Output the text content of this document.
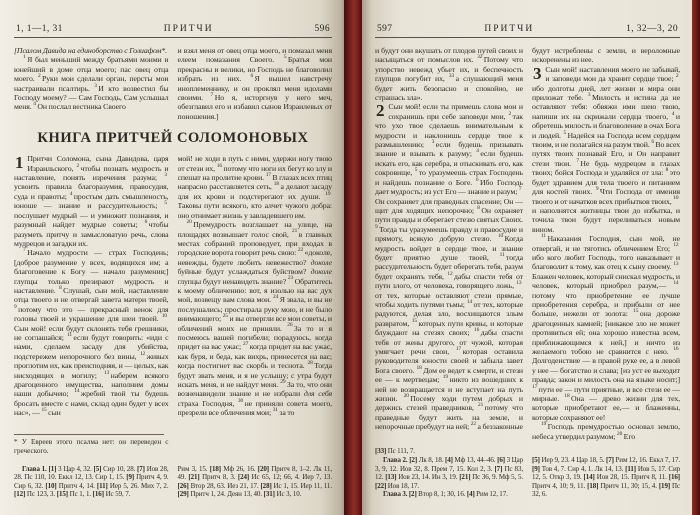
1, 1—1, 31	ПРИТЧИ	596

[Псалом Давида на единоборство с Голиафом*.

$^1$ Я был меньший между братьями моими и юнейший в доме отца моего; пас овец отца моего. $^2$ Руки мои сделали орган, персты мои настраивали псалтирь. $^3$ И кто возвестил бы Господу моему? — Сам Господь, Сам услышал меня. $^4$ Он послал вестника Своего

и взял меня от овец отца моего, и помазал меня елеем помазания Своего. $^5$ Братья мои прекрасны и велики, но Господь не благоволил избрать из них. $^6$ Я вышел навстречу иноплеменнику, и он проклял меня идолами своими. $^7$ Но я, исторгнув у него меч, обезглавил его и избавил сынов Израилевых от поношения.]

КНИГА ПРИТЧЕЙ СОЛОМОНОВЫХ

1 Притчи Соломона, сына Давидова, царя Израильского, $^2$ чтобы познать мудрость и наставление, понять изречения разума; $^3$ усвоить правила благоразумия, правосудия, суда и правоты; $^4$ простым дать смышленость, юноше — знание и рассудительность; $^5$ послушает мудрый — и умножит познания, и разумный найдет мудрые советы; $^6$ чтобы разуметь притчу и замысловатую речь, слова мудрецов и загадки их.

$^7$ Начало мудрости — страх Господень; [доброе разумение у всех, водящихся им; а благоговение к Богу — начало разумения;] глупцы только презирают мудрость и наставление. $^8$ Слушай, сын мой, наставление отца твоего и не отвергай завета матери твоей, $^9$ потому что это — прекрасный венок для головы твоей и украшение для шеи твоей. $^{10}$ Сын мой! если будут склонять тебя грешники, не соглашайся; $^{11}$ если будут говорить: «иди с нами, сделаем засаду для убийства, подстережем непорочного без вины, $^{12}$ живых проглотим их, как преисподняя, и — целых, как нисходящих в могилу; $^{13}$ наберем всякого драгоценного имущества, наполним домы наши добычею; $^{14}$ жребий твой ты будешь бросать вместе с нами, склад один будет у всех нас», — $^{15}$ сын

* У Евреев этого псалма нет: он переведен с греческого.

Глава 1. [1] 3 Цар 4, 32. [5] Сир 10, 28. [7] Иов 28, 28. Пс 110, 10. Еккл 12, 13. Сир 1, 15. [9] Притч 4, 9. Сир 6, 32. [10] Притч 4, 14. [11] Иер 5, 26. Мих 7, 2. [12] Пс 123, 3. [15] Пс 1, 1. [16] Ис 59, 7.

мой! не ходи в путь с ними, удержи ногу твою от стези их, $^{16}$ потому что ноги их бегут ко злу и спешат на пролитие крови. $^{17}$ В глазах всех птиц напрасно расставляется сеть, $^{18}$ а делают засаду для их крови и подстерегают их души. $^{19}$ Таковы пути всякого, кто алчет чужого добра: оно отнимает жизнь у завладевшего им.

$^{20}$ Премудрость возглашает на улице, на площадях возвышает голос свой, $^{21}$ в главных местах собраний проповедует, при входах в городские ворота говорит речь свою: $^{22}$ «доколе, невежды, будете любить невежество? доколе буйные будут услаждаться буйством? доколе глупцы будут ненавидеть знание? $^{23}$ Обратитесь к моему обличению: вот, я изолью на вас дух мой, возвещу вам слова мои. $^{24}$ Я звала, и вы не послушались; простирала руку мою, и не было внимающего; $^{25}$ и вы отвергли все мои советы, и обличений моих не приняли. $^{26}$ За то и я посмеюсь вашей погибели; порадуюсь, когда придет на вас ужас; $^{27}$ когда придет на вас ужас, как буря, и беда, как вихрь, принесется на вас; когда постигнет вас скорбь и теснота. $^{28}$ Тогда будут звать меня, и я не услышу; с утра будут искать меня, и не найдут меня. $^{29}$ За то, что они возненавидели знание и не избрали для себя страха Господня, $^{30}$ не приняли совета моего, презрели все обличения мои; $^{31}$ за то

Рим 3, 15. [18] Мф 26, 16. [20] Притч 8, 1–2. Лк 11, 49. [21] Притч 8, 3. [24] Ис 65, 12; 66, 4. Иер 7, 13. [26] Втор 28, 63. Иез 21, 17. [28] Ис 1, 15. Иер 11, 11. [29] Притч 1, 24. Деян 13, 40. [31] Ис 3, 10.

597	ПРИТЧИ	1, 32—3, 20

и будут они вкушать от плодов путей своих и насыщаться от помыслов их. $^{32}$ Потому что упорство невежд убьет их, и беспечность глупцов погубит их, $^{33}$ а слушающий меня будет жить безопасно и спокойно, не страшась зла».

2 Сын мой! если ты примешь слова мои и сохранишь при себе заповеди мои, $^2$ так что ухо твое сделаешь внимательным к мудрости и наклонишь сердце твое к размышлению; $^3$ если будешь призывать знание и взывать к разуму; $^4$ если будешь искать его, как серебра, и отыскивать его, как сокровище, $^5$ то уразумеешь страх Господень и найдешь познание о Боге. $^6$ Ибо Господь дает мудрость; из уст Его — знание и разум; $^7$ Он сохраняет для праведных спасение; Он — щит для ходящих непорочно; $^8$ Он охраняет пути правды и оберегает стезю святых Своих. $^9$ Тогда ты уразумеешь правду и правосудие и прямоту, всякую добрую стезю. $^{10}$ Когда мудрость войдет в сердце твое, и знание будет приятно душе твоей, $^{11}$ тогда рассудительность будет оберегать тебя, разум будет охранять тебя, $^{12}$ дабы спасти тебя от пути злого, от человека, говорящего ложь, $^{13}$ от тех, которые оставляют стези прямые, чтобы ходить путями тьмы; $^{14}$ от тех, которые радуются, делая зло, восхищаются злым развратом, $^{15}$ которых пути кривы, и которые блуждают на стезях своих; $^{16}$ дабы спасти тебя от жены другого, от чужой, которая умягчает речи свои, $^{17}$ которая оставила руководителя юности своей и забыла завет Бога своего. $^{18}$ Дом ее ведет к смерти, и стези ее — к мертвецам; $^{19}$ никто из вошедших к ней не возвращается и не вступает на путь жизни. $^{20}$ Посему ходи путем добрых и держись стезей праведников, $^{21}$ потому что праведные будут жить на земле, и непорочные пребудут на ней; $^{22}$ а беззаконные

[33] Пс 111, 7.

Глава 2. [2] Лк 8, 18. [4] Мф 13, 44–46. [6] 3 Цар 3, 9, 12. Иов 32, 8. Прем 7, 15. Кол 2, 3. [7] Пс 83, 12. [13] Иов 23, 14. Ин 3, 19. [21] Пс 36, 9. Мф 5, 5. [22] Иов 18, 17.

Глава 3. [2] Втор 8, 1; 30, 16. [4] Рим 12, 17.

будут истреблены с земли, и вероломные искоренены из нее.

3 Сын мой! наставления моего не забывай, и заповеди мои да хранит сердце твое; $^2$ ибо долготы дней, лет жизни и мира они приложат тебе. $^3$ Милость и истина да не оставляют тебя: обвяжи ими шею твою, напиши их на скрижали сердца твоего, $^4$ и обретешь милость и благоволение в очах Бога и людей. $^5$ Надейся на Господа всем сердцем твоим, и не полагайся на разум твой. $^6$ Во всех путях твоих познавай Его, и Он направит стези твои. $^7$ Не будь мудрецом в глазах твоих; бойся Господа и удаляйся от зла: $^8$ это будет здравием для тела твоего и питанием для костей твоих. $^9$ Чти Господа от имения твоего и от начатков всех прибытков твоих, $^{10}$ и наполнятся житницы твои до избытка, и точила твои будут переливаться новым вином.

$^{11}$ Наказания Господня, сын мой, не отвергай, и не тяготись обличением Его; $^{12}$ ибо кого любит Господь, того наказывает и благоволит к тому, как отец к сыну своему. $^{13}$ Блажен человек, который снискал мудрость, и человек, который приобрел разум,— $^{14}$ потому что приобретение ее лучше приобретения серебра, и прибыли от нее больше, нежели от золота: $^{15}$ она дороже драгоценных камней; [никакое зло не может противиться ей; она хорошо известна всем, приближающимся к ней,] и ничто из желаемого тобою не сравнится с нею. $^{16}$ Долгоденствие — в правой руке ее, а в левой у нее — богатство и слава; [из уст ее выходит правда; закон и милость она на языке носит;] $^{17}$ пути ее — пути приятные, и все стези ее — мирные. $^{18}$ Она — древо жизни для тех, которые приобретают ее,— и блаженны, которые сохраняют ее!

$^{19}$ Господь премудростью основал землю, небеса утвердил разумом; $^{20}$ Его

[5] Иер 9, 23. 4 Цар 18, 5. [7] Рим 12, 16. Еккл 7, 17. [9] Тов 4, 7. Сир 4, 1. Лк 14, 13. [11] Иов 5, 17. Сир 12, 5. Откр 3, 19. [14] Иов 28, 15. Притч 8, 11. [16] Притч 4, 10; 9, 11. [18] Притч 11, 30; 15, 4. [19] Пс 32, 6.
